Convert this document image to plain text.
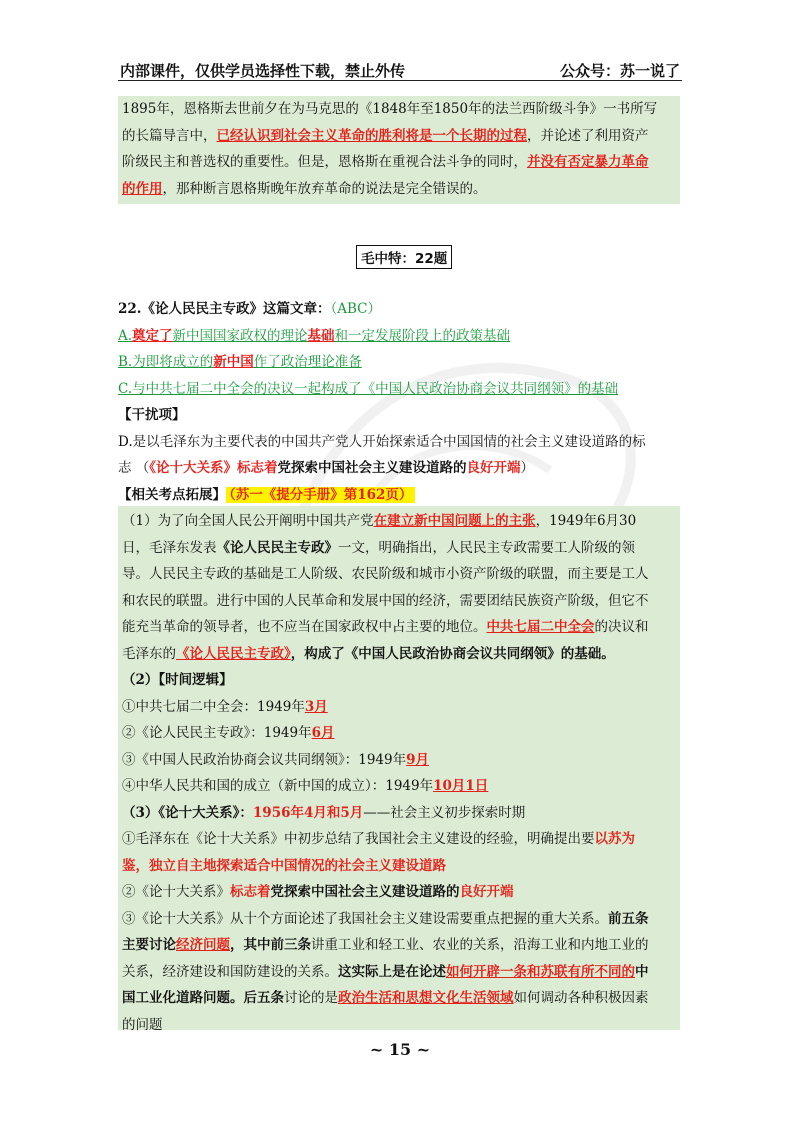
内部课件，仅供学员选择性下载，禁止外传	公众号：苏一说了
1895年，恩格斯去世前夕在为马克思的《1848年至1850年的法兰西阶级斗争》一书所写
的长篇导言中，已经认识到社会主义革命的胜利将是一个长期的过程，并论述了利用资产
阶级民主和普选权的重要性。但是，恩格斯在重视合法斗争的同时，并没有否定暴力革命
的作用，那种断言恩格斯晚年放弃革命的说法是完全错误的。
毛中特：22题
22.《论人民民主专政》这篇文章：（ABC）
A.奠定了新中国国家政权的理论基础和一定发展阶段上的政策基础
B.为即将成立的新中国作了政治理论准备
C.与中共七届二中全会的决议一起构成了《中国人民政治协商会议共同纲领》的基础
【干扰项】
D.是以毛泽东为主要代表的中国共产党人开始探索适合中国国情的社会主义建设道路的标
志 （《论十大关系》标志着党探索中国社会主义建设道路的良好开端）
【相关考点拓展】 （苏一《提分手册》第162页）
（1）为了向全国人民公开阐明中国共产党在建立新中国问题上的主张，1949年6月30
日，毛泽东发表《论人民民主专政》一文，明确指出，人民民主专政需要工人阶级的领
导。人民民主专政的基础是工人阶级、农民阶级和城市小资产阶级的联盟，而主要是工人
和农民的联盟。进行中国的人民革命和发展中国的经济，需要团结民族资产阶级，但它不
能充当革命的领导者，也不应当在国家政权中占主要的地位。中共七届二中全会的决议和
毛泽东的《论人民民主专政》，构成了《中国人民政治协商会议共同纲领》的基础。
（2）【时间逻辑】
①中共七届二中全会：1949年3月
②《论人民民主专政》：1949年6月
③《中国人民政治协商会议共同纲领》：1949年9月
④中华人民共和国的成立（新中国的成立）：1949年10月1日
（3）《论十大关系》：1956年4月和5月——社会主义初步探索时期
①毛泽东在《论十大关系》中初步总结了我国社会主义建设的经验，明确提出要以苏为
鉴，独立自主地探索适合中国情况的社会主义建设道路
②《论十大关系》标志着党探索中国社会主义建设道路的良好开端
③《论十大关系》从十个方面论述了我国社会主义建设需要重点把握的重大关系。前五条
主要讨论经济问题，其中前三条讲重工业和轻工业、农业的关系，沿海工业和内地工业的
关系，经济建设和国防建设的关系。这实际上是在论述如何开辟一条和苏联有所不同的中
国工业化道路问题。后五条讨论的是政治生活和思想文化生活领域如何调动各种积极因素
的问题
~ 15 ~
